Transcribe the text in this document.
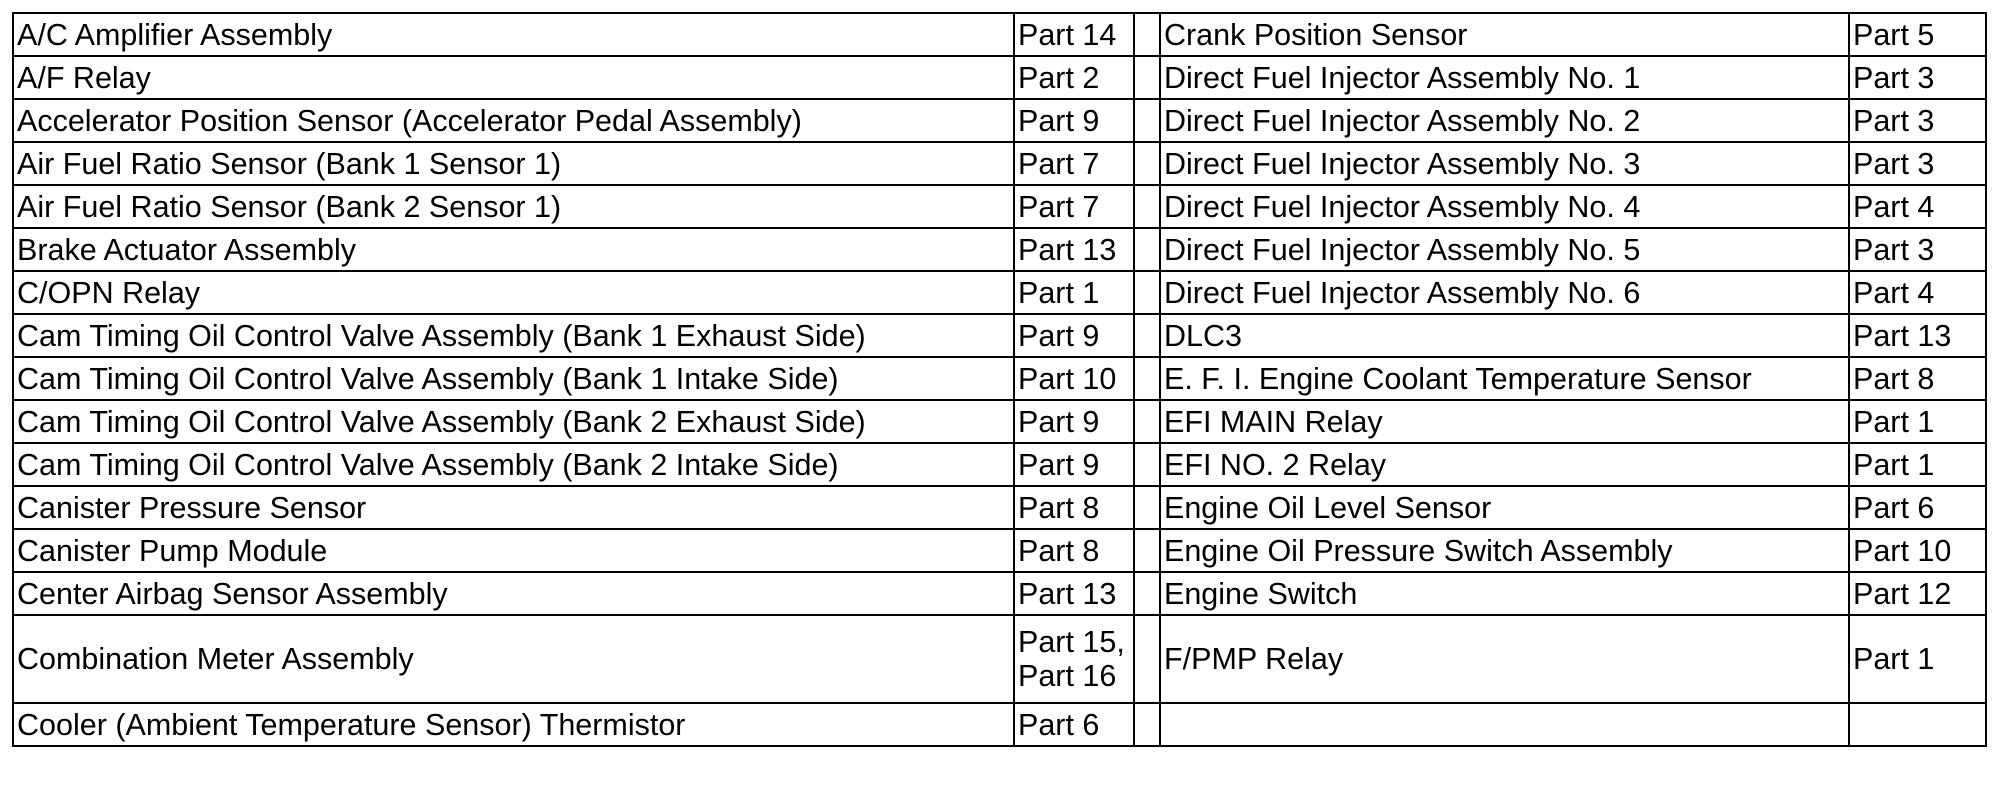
A/C Amplifier Assembly	Part 14		Crank Position Sensor	Part 5
A/F Relay	Part 2		Direct Fuel Injector Assembly No. 1	Part 3
Accelerator Position Sensor (Accelerator Pedal Assembly)	Part 9		Direct Fuel Injector Assembly No. 2	Part 3
Air Fuel Ratio Sensor (Bank 1 Sensor 1)	Part 7		Direct Fuel Injector Assembly No. 3	Part 3
Air Fuel Ratio Sensor (Bank 2 Sensor 1)	Part 7		Direct Fuel Injector Assembly No. 4	Part 4
Brake Actuator Assembly	Part 13		Direct Fuel Injector Assembly No. 5	Part 3
C/OPN Relay	Part 1		Direct Fuel Injector Assembly No. 6	Part 4
Cam Timing Oil Control Valve Assembly (Bank 1 Exhaust Side)	Part 9		DLC3	Part 13
Cam Timing Oil Control Valve Assembly (Bank 1 Intake Side)	Part 10		E. F. I. Engine Coolant Temperature Sensor	Part 8
Cam Timing Oil Control Valve Assembly (Bank 2 Exhaust Side)	Part 9		EFI MAIN Relay	Part 1
Cam Timing Oil Control Valve Assembly (Bank 2 Intake Side)	Part 9		EFI NO. 2 Relay	Part 1
Canister Pressure Sensor	Part 8		Engine Oil Level Sensor	Part 6
Canister Pump Module	Part 8		Engine Oil Pressure Switch Assembly	Part 10
Center Airbag Sensor Assembly	Part 13		Engine Switch	Part 12
Combination Meter Assembly	Part 15, Part 16		F/PMP Relay	Part 1
Cooler (Ambient Temperature Sensor) Thermistor	Part 6			
